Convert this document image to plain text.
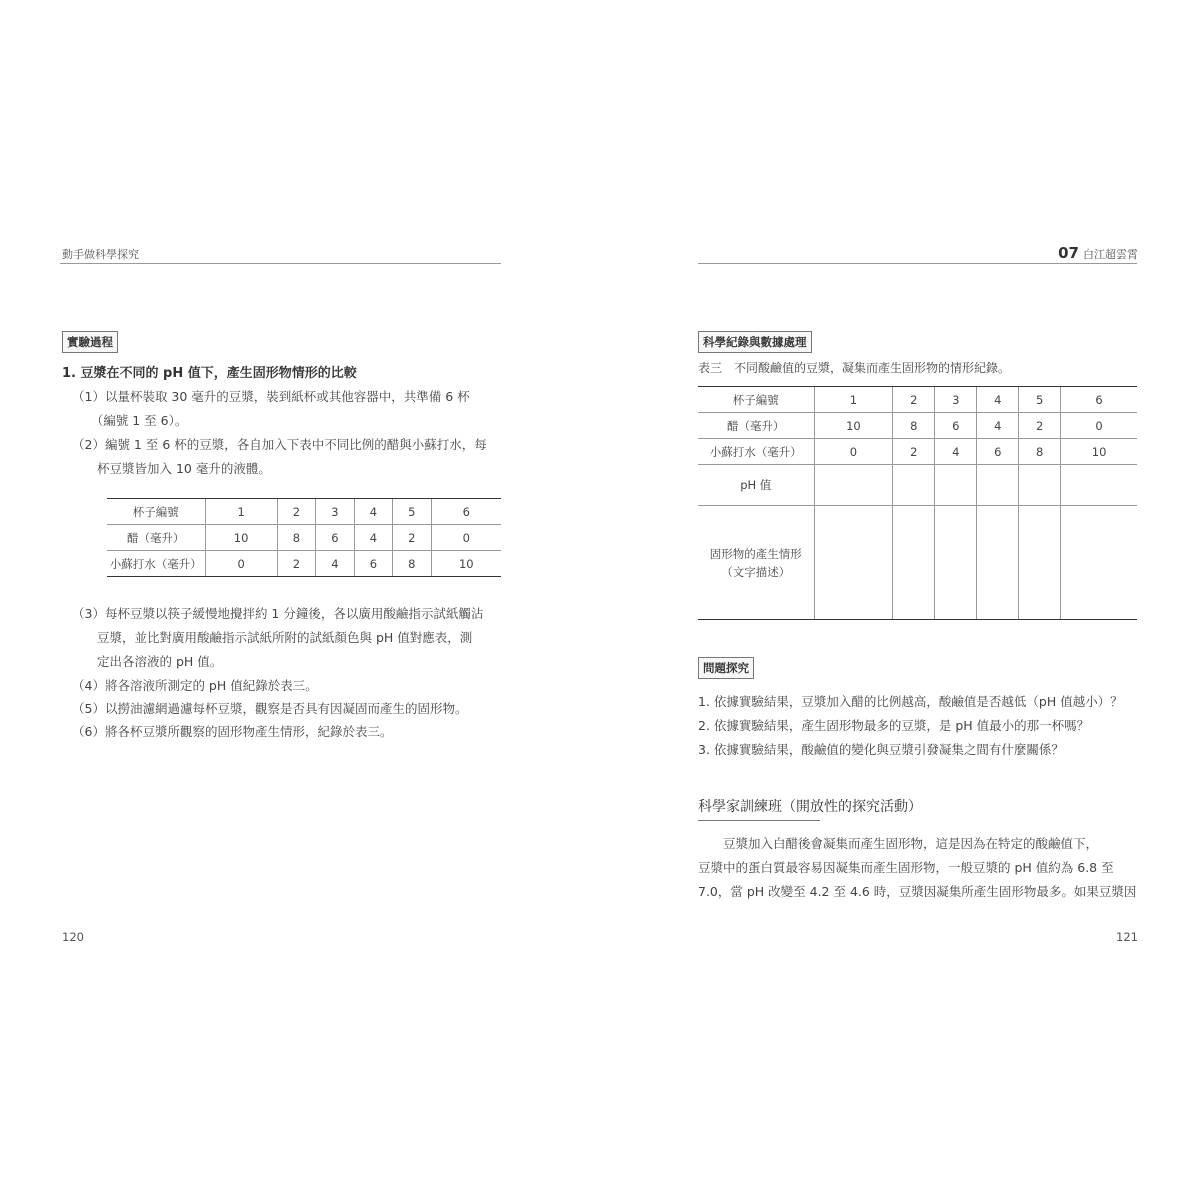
動手做科學探究
實驗過程
1. 豆漿在不同的 pH 值下，產生固形物情形的比較
（1）以量杯裝取 30 毫升的豆漿，裝到紙杯或其他容器中，共準備 6 杯
　　（編號 1 至 6）。
（2）編號 1 至 6 杯的豆漿，各自加入下表中不同比例的醋與小蘇打水，每
　　杯豆漿皆加入 10 毫升的液體。
杯子編號	1	2	3	4	5	6
醋（毫升）	10	8	6	4	2	0
小蘇打水（毫升）	0	2	4	6	8	10
（3）每杯豆漿以筷子緩慢地攪拌約 1 分鐘後，各以廣用酸鹼指示試紙觸沾
　　豆漿，並比對廣用酸鹼指示試紙所附的試紙顏色與 pH 值對應表，測
　　定出各溶液的 pH 值。
（4）將各溶液所測定的 pH 值紀錄於表三。
（5）以撈油濾網過濾每杯豆漿，觀察是否具有因凝固而產生的固形物。
（6）將各杯豆漿所觀察的固形物產生情形，紀錄於表三。
120
07 白江超雲霄
科學紀錄與數據處理
表三　不同酸鹼值的豆漿，凝集而產生固形物的情形紀錄。
杯子編號	1	2	3	4	5	6
醋（毫升）	10	8	6	4	2	0
小蘇打水（毫升）	0	2	4	6	8	10
pH 值						

固形物的產生情形
（文字描述）						

問題探究
1. 依據實驗結果，豆漿加入醋的比例越高，酸鹼值是否越低（pH 值越小）？
2. 依據實驗結果，產生固形物最多的豆漿，是 pH 值最小的那一杯嗎？
3. 依據實驗結果，酸鹼值的變化與豆漿引發凝集之間有什麼關係？
科學家訓練班（開放性的探究活動）
　　豆漿加入白醋後會凝集而產生固形物，這是因為在特定的酸鹼值下，
豆漿中的蛋白質最容易因凝集而產生固形物，一般豆漿的 pH 值約為 6.8 至
7.0，當 pH 改變至 4.2 至 4.6 時，豆漿因凝集所產生固形物最多。如果豆漿因
121
